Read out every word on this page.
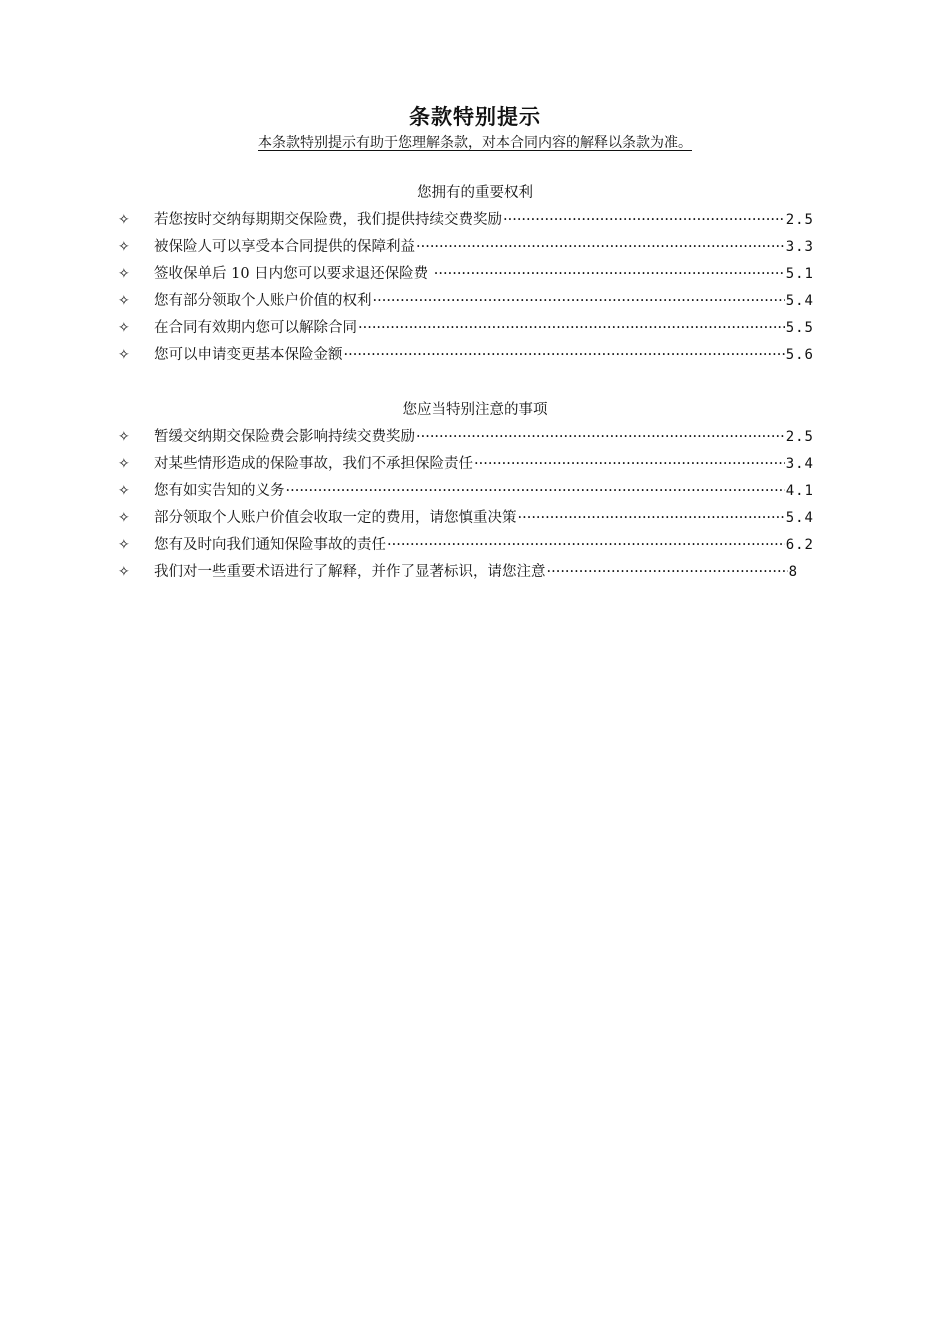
条款特别提示
本条款特别提示有助于您理解条款，对本合同内容的解释以条款为准。
您拥有的重要权利
✧	若您按时交纳每期期交保险费，我们提供持续交费奖励 ·····	2.5
✧	被保险人可以享受本合同提供的保障利益 ·····	3.3
✧	签收保单后 10 日内您可以要求退还保险费 ·····	5.1
✧	您有部分领取个人账户价值的权利 ·····	5.4
✧	在合同有效期内您可以解除合同 ·····	5.5
✧	您可以申请变更基本保险金额 ·····	5.6
您应当特别注意的事项
✧	暂缓交纳期交保险费会影响持续交费奖励 ·····	2.5
✧	对某些情形造成的保险事故，我们不承担保险责任 ·····	3.4
✧	您有如实告知的义务 ·····	4.1
✧	部分领取个人账户价值会收取一定的费用，请您慎重决策 ·····	5.4
✧	您有及时向我们通知保险事故的责任 ·····	6.2
✧	我们对一些重要术语进行了解释，并作了显著标识，请您注意 ·····	8
